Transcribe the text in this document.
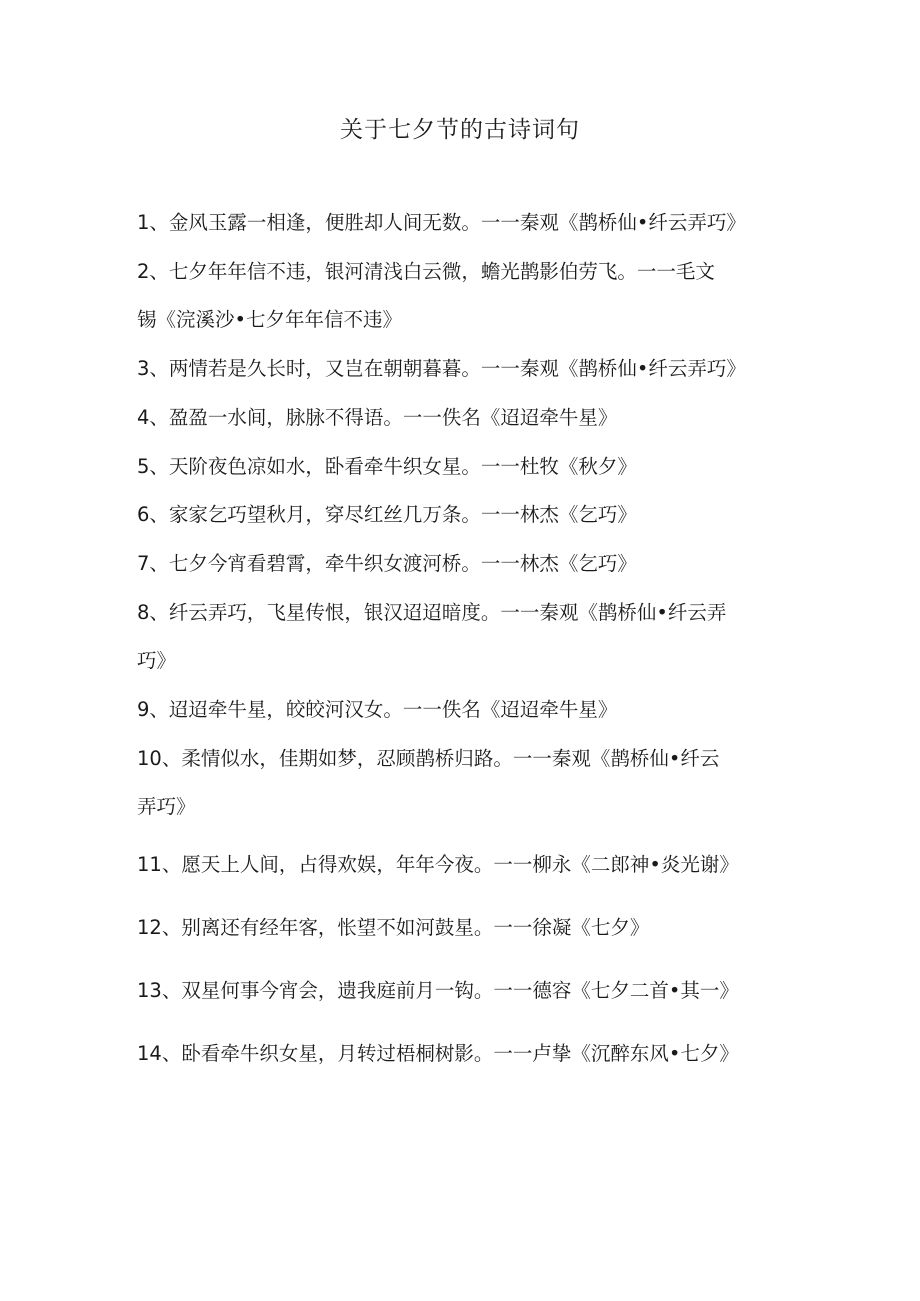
关于七夕节的古诗词句
1、金风玉露一相逢，便胜却人间无数。一一秦观《鹊桥仙•纤云弄巧》
2、七夕年年信不违，银河清浅白云微，蟾光鹊影伯劳飞。一一毛文
锡《浣溪沙•七夕年年信不违》
3、两情若是久长时，又岂在朝朝暮暮。一一秦观《鹊桥仙•纤云弄巧》
4、盈盈一水间，脉脉不得语。一一佚名《迢迢牵牛星》
5、天阶夜色凉如水，卧看牵牛织女星。一一杜牧《秋夕》
6、家家乞巧望秋月，穿尽红丝几万条。一一林杰《乞巧》
7、七夕今宵看碧霄，牵牛织女渡河桥。一一林杰《乞巧》
8、纤云弄巧，飞星传恨，银汉迢迢暗度。一一秦观《鹊桥仙•纤云弄
巧》
9、迢迢牵牛星，皎皎河汉女。一一佚名《迢迢牵牛星》
10、柔情似水，佳期如梦，忍顾鹊桥归路。一一秦观《鹊桥仙•纤云
弄巧》
11、愿天上人间，占得欢娱，年年今夜。一一柳永《二郎神•炎光谢》
12、别离还有经年客，怅望不如河鼓星。一一徐凝《七夕》
13、双星何事今宵会，遗我庭前月一钩。一一德容《七夕二首•其一》
14、卧看牵牛织女星，月转过梧桐树影。一一卢挚《沉醉东风•七夕》
